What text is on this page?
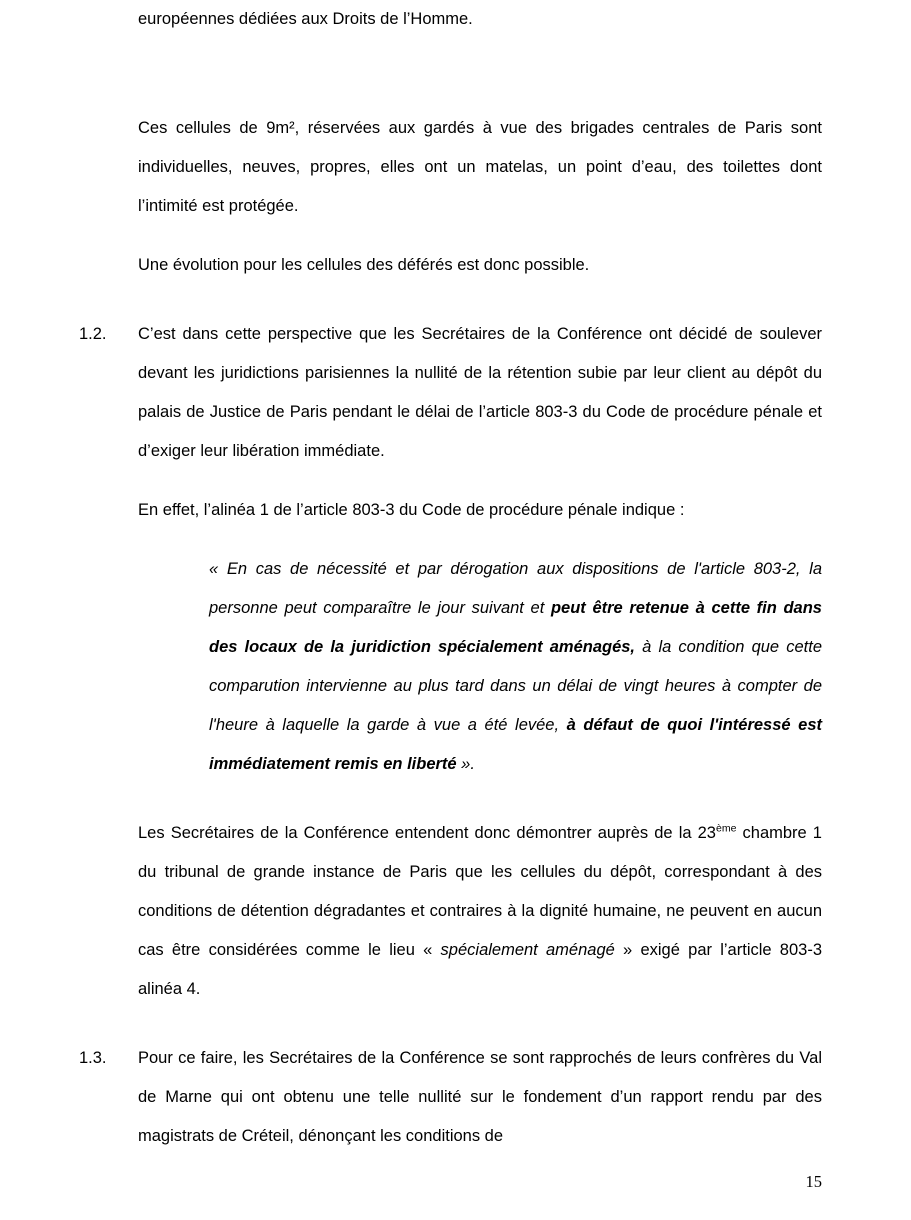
européennes dédiées aux Droits de l’Homme.

Ces cellules de 9m², réservées aux gardés à vue des brigades centrales de Paris sont individuelles, neuves, propres, elles ont un matelas, un point d’eau, des toilettes dont l’intimité est protégée.

Une évolution pour les cellules des déférés est donc possible.

1.2.	C’est dans cette perspective que les Secrétaires de la Conférence ont décidé de soulever devant les juridictions parisiennes la nullité de la rétention subie par leur client au dépôt du palais de Justice de Paris pendant le délai de l’article 803-3 du Code de procédure pénale et d’exiger leur libération immédiate.

En effet, l’alinéa 1 de l’article 803-3 du Code de procédure pénale indique :

« En cas de nécessité et par dérogation aux dispositions de l'article 803-2, la personne peut comparaître le jour suivant et peut être retenue à cette fin dans des locaux de la juridiction spécialement aménagés, à la condition que cette comparution intervienne au plus tard dans un délai de vingt heures à compter de l'heure à laquelle la garde à vue a été levée, à défaut de quoi l'intéressé est immédiatement remis en liberté ».

Les Secrétaires de la Conférence entendent donc démontrer auprès de la 23ème chambre 1 du tribunal de grande instance de Paris que les cellules du dépôt, correspondant à des conditions de détention dégradantes et contraires à la dignité humaine, ne peuvent en aucun cas être considérées comme le lieu « spécialement aménagé » exigé par l’article 803-3 alinéa 4.

1.3.	Pour ce faire, les Secrétaires de la Conférence se sont rapprochés de leurs confrères du Val de Marne qui ont obtenu une telle nullité sur le fondement d’un rapport rendu par des magistrats de Créteil, dénonçant les conditions de

15
